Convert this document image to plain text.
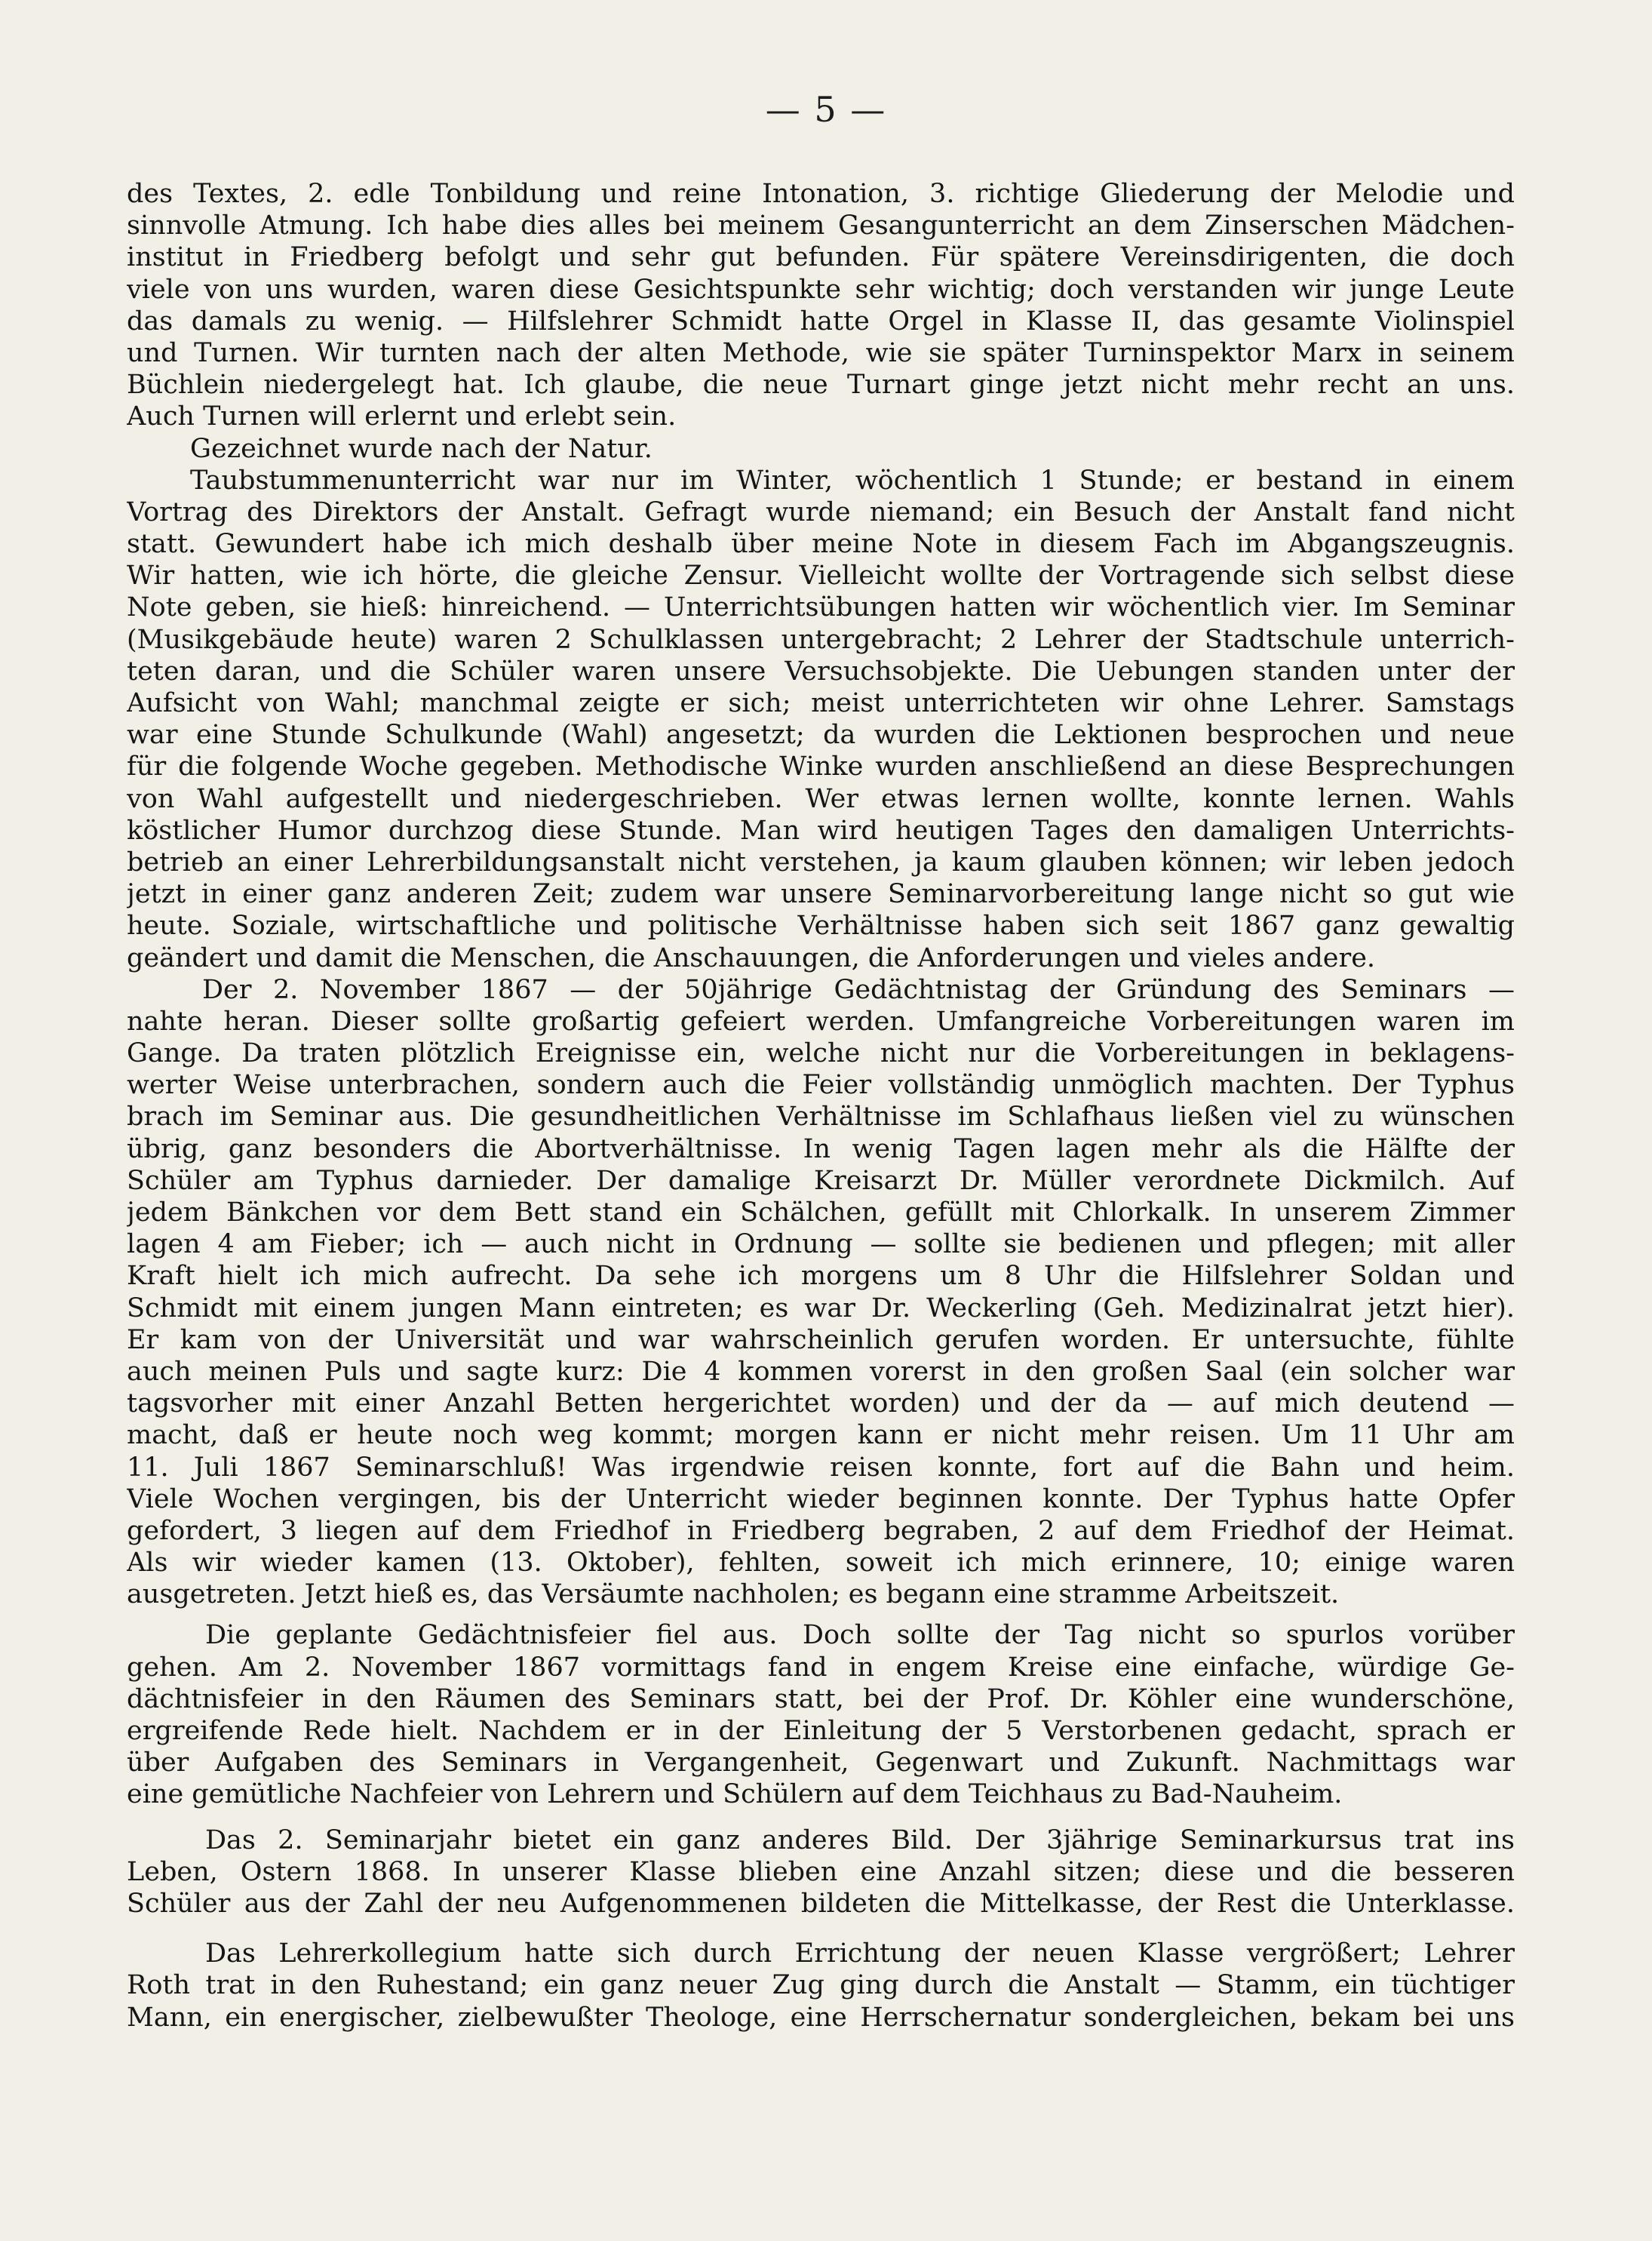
— 5 —
des Textes, 2. edle Tonbildung und reine Intonation, 3. richtige Gliederung der Melodie und
sinnvolle Atmung. Ich habe dies alles bei meinem Gesangunterricht an dem Zinserschen Mädchen-
institut in Friedberg befolgt und sehr gut befunden. Für spätere Vereinsdirigenten, die doch
viele von uns wurden, waren diese Gesichtspunkte sehr wichtig; doch verstanden wir junge Leute
das damals zu wenig. — Hilfslehrer Schmidt hatte Orgel in Klasse II, das gesamte Violinspiel
und Turnen. Wir turnten nach der alten Methode, wie sie später Turninspektor Marx in seinem
Büchlein niedergelegt hat. Ich glaube, die neue Turnart ginge jetzt nicht mehr recht an uns.
Auch Turnen will erlernt und erlebt sein.
Gezeichnet wurde nach der Natur.
Taubstummenunterricht war nur im Winter, wöchentlich 1 Stunde; er bestand in einem
Vortrag des Direktors der Anstalt. Gefragt wurde niemand; ein Besuch der Anstalt fand nicht
statt. Gewundert habe ich mich deshalb über meine Note in diesem Fach im Abgangszeugnis.
Wir hatten, wie ich hörte, die gleiche Zensur. Vielleicht wollte der Vortragende sich selbst diese
Note geben, sie hieß: hinreichend. — Unterrichtsübungen hatten wir wöchentlich vier. Im Seminar
(Musikgebäude heute) waren 2 Schulklassen untergebracht; 2 Lehrer der Stadtschule unterrich-
teten daran, und die Schüler waren unsere Versuchsobjekte. Die Uebungen standen unter der
Aufsicht von Wahl; manchmal zeigte er sich; meist unterrichteten wir ohne Lehrer. Samstags
war eine Stunde Schulkunde (Wahl) angesetzt; da wurden die Lektionen besprochen und neue
für die folgende Woche gegeben. Methodische Winke wurden anschließend an diese Besprechungen
von Wahl aufgestellt und niedergeschrieben. Wer etwas lernen wollte, konnte lernen. Wahls
köstlicher Humor durchzog diese Stunde. Man wird heutigen Tages den damaligen Unterrichts-
betrieb an einer Lehrerbildungsanstalt nicht verstehen, ja kaum glauben können; wir leben jedoch
jetzt in einer ganz anderen Zeit; zudem war unsere Seminarvorbereitung lange nicht so gut wie
heute. Soziale, wirtschaftliche und politische Verhältnisse haben sich seit 1867 ganz gewaltig
geändert und damit die Menschen, die Anschauungen, die Anforderungen und vieles andere.
Der 2. November 1867 — der 50jährige Gedächtnistag der Gründung des Seminars —
nahte heran. Dieser sollte großartig gefeiert werden. Umfangreiche Vorbereitungen waren im
Gange. Da traten plötzlich Ereignisse ein, welche nicht nur die Vorbereitungen in beklagens-
werter Weise unterbrachen, sondern auch die Feier vollständig unmöglich machten. Der Typhus
brach im Seminar aus. Die gesundheitlichen Verhältnisse im Schlafhaus ließen viel zu wünschen
übrig, ganz besonders die Abortverhältnisse. In wenig Tagen lagen mehr als die Hälfte der
Schüler am Typhus darnieder. Der damalige Kreisarzt Dr. Müller verordnete Dickmilch. Auf
jedem Bänkchen vor dem Bett stand ein Schälchen, gefüllt mit Chlorkalk. In unserem Zimmer
lagen 4 am Fieber; ich — auch nicht in Ordnung — sollte sie bedienen und pflegen; mit aller
Kraft hielt ich mich aufrecht. Da sehe ich morgens um 8 Uhr die Hilfslehrer Soldan und
Schmidt mit einem jungen Mann eintreten; es war Dr. Weckerling (Geh. Medizinalrat jetzt hier).
Er kam von der Universität und war wahrscheinlich gerufen worden. Er untersuchte, fühlte
auch meinen Puls und sagte kurz: Die 4 kommen vorerst in den großen Saal (ein solcher war
tagsvorher mit einer Anzahl Betten hergerichtet worden) und der da — auf mich deutend —
macht, daß er heute noch weg kommt; morgen kann er nicht mehr reisen. Um 11 Uhr am
11. Juli 1867 Seminarschluß! Was irgendwie reisen konnte, fort auf die Bahn und heim.
Viele Wochen vergingen, bis der Unterricht wieder beginnen konnte. Der Typhus hatte Opfer
gefordert, 3 liegen auf dem Friedhof in Friedberg begraben, 2 auf dem Friedhof der Heimat.
Als wir wieder kamen (13. Oktober), fehlten, soweit ich mich erinnere, 10; einige waren
ausgetreten. Jetzt hieß es, das Versäumte nachholen; es begann eine stramme Arbeitszeit.
Die geplante Gedächtnisfeier fiel aus. Doch sollte der Tag nicht so spurlos vorüber
gehen. Am 2. November 1867 vormittags fand in engem Kreise eine einfache, würdige Ge-
dächtnisfeier in den Räumen des Seminars statt, bei der Prof. Dr. Köhler eine wunderschöne,
ergreifende Rede hielt. Nachdem er in der Einleitung der 5 Verstorbenen gedacht, sprach er
über Aufgaben des Seminars in Vergangenheit, Gegenwart und Zukunft. Nachmittags war
eine gemütliche Nachfeier von Lehrern und Schülern auf dem Teichhaus zu Bad-Nauheim.
Das 2. Seminarjahr bietet ein ganz anderes Bild. Der 3jährige Seminarkursus trat ins
Leben, Ostern 1868. In unserer Klasse blieben eine Anzahl sitzen; diese und die besseren
Schüler aus der Zahl der neu Aufgenommenen bildeten die Mittelkasse, der Rest die Unterklasse.
Das Lehrerkollegium hatte sich durch Errichtung der neuen Klasse vergrößert; Lehrer
Roth trat in den Ruhestand; ein ganz neuer Zug ging durch die Anstalt — Stamm, ein tüchtiger
Mann, ein energischer, zielbewußter Theologe, eine Herrschernatur sondergleichen, bekam bei uns
